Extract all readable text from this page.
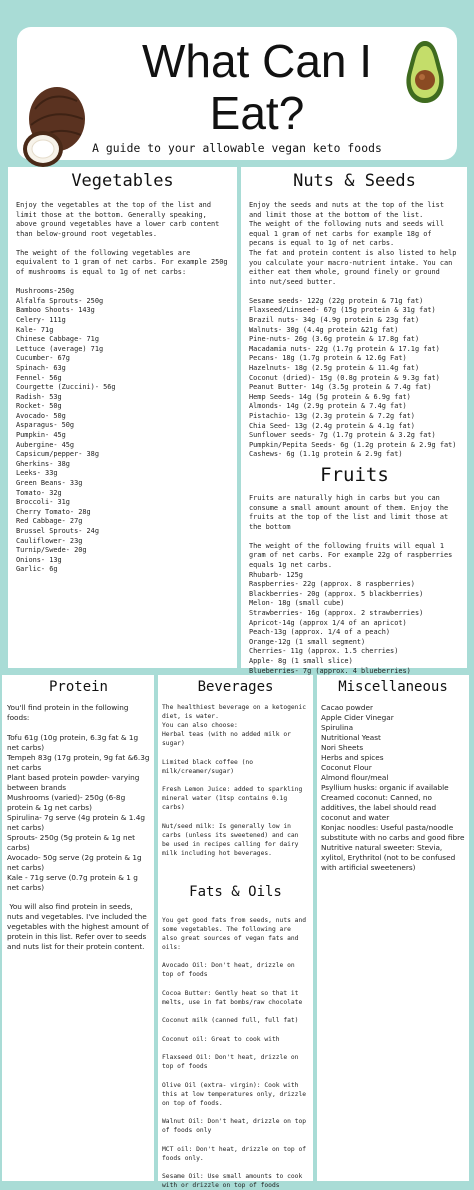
What Can I
Eat?
A guide to your allowable vegan keto foods
Vegetables
Enjoy the vegetables at the top of the list and limit those at the bottom. Generally speaking, above ground vegetables have a lower carb content than below-ground root vegetables.
The weight of the following vegetables are equivalent to 1 gram of net carbs. For example 250g of mushrooms is equal to 1g of net carbs:
Mushrooms-250g
Alfalfa Sprouts- 250g
Bamboo Shoots- 143g
Celery- 111g
Kale- 71g
Chinese Cabbage- 71g
Lettuce (average) 71g
Cucumber- 67g
Spinach- 63g
Fennel- 56g
Courgette (Zuccini)- 56g
Radish- 53g
Rocket- 50g
Avocado- 50g
Asparagus- 50g
Pumpkin- 45g
Aubergine- 45g
Capsicum/pepper- 38g
Gherkins- 38g
Leeks- 33g
Green Beans- 33g
Tomato- 32g
Broccoli- 31g
Cherry Tomato- 28g
Red Cabbage- 27g
Brussel Sprouts- 24g
Cauliflower- 23g
Turnip/Swede- 20g
Onions- 13g
Garlic- 6g
Nuts & Seeds
Enjoy the seeds and nuts at the top of the list and limit those at the bottom of the list.
The weight of the following nuts and seeds will equal 1 gram of net carbs for example 18g of pecans is equal to 1g of net carbs.
The fat and protein content is also listed to help you calculate your macro-nutrient intake. You can either eat them whole, ground finely or ground into nut/seed butter.
Sesame seeds- 122g (22g protein & 71g fat)
Flaxseed/Linseed- 67g (15g protein & 31g fat)
Brazil nuts- 34g (4.9g protein & 23g fat)
Walnuts- 30g (4.4g protein &21g fat)
Pine-nuts- 26g (3.6g protein & 17.8g fat)
Macadamia nuts- 22g (1.7g protein & 17.1g fat)
Pecans- 18g (1.7g protein & 12.6g Fat)
Hazelnuts- 18g (2.5g protein & 11.4g fat)
Coconut (dried)- 15g (0.8g protein & 9.3g fat)
Peanut Butter- 14g (3.5g protein & 7.4g fat)
Hemp Seeds- 14g (5g protein & 6.9g fat)
Almonds- 14g (2.9g protein & 7.4g fat)
Pistachio- 13g (2.3g protein & 7.2g fat)
Chia Seed- 13g (2.4g protein & 4.1g fat)
Sunflower seeds- 7g (1.7g protein & 3.2g fat)
Pumpkin/Pepita Seeds- 6g (1.2g protein & 2.9g fat)
Cashews- 6g (1.1g protein & 2.9g fat)
Fruits
Fruits are naturally high in carbs but you can consume a small amount amount of them. Enjoy the fruits at the top of the list and limit those at the bottom
The weight of the following fruits will equal 1 gram of net carbs. For example 22g of raspberries equals 1g net carbs.
Rhubarb- 125g
Raspberries- 22g (approx. 8 raspberries)
Blackberries- 20g (approx. 5 blackberries)
Melon- 18g (small cube)
Strawberries- 16g (approx. 2 strawberries)
Apricot-14g (approx 1/4 of an apricot)
Peach-13g (approx. 1/4 of a peach)
Orange-12g (1 small segment)
Cherries- 11g (approx. 1.5 cherries)
Apple- 8g (1 small slice)
Blueberries- 7g (approx. 4 blueberries)
Protein
You'll find protein in the following foods:
Tofu 61g (10g protein, 6.3g fat & 1g net carbs)
Tempeh 83g (17g protein, 9g fat &6.3g net carbs
Plant based protein powder- varying between brands
Mushrooms (varied)- 250g (6-8g protein & 1g net carbs)
Spirulina- 7g serve (4g protein & 1.4g net carbs)
Sprouts- 250g (5g protein & 1g net carbs)
Avocado- 50g serve (2g protein & 1g net carbs)
Kale - 71g serve (0.7g protein & 1 g net carbs)
You will also find protein in seeds, nuts and vegetables. I've included the vegetables with the highest amount of protein in this list. Refer over to seeds and nuts list for their protein content.
Beverages
The healthiest beverage on a ketogenic diet, is water.
You can also choose:
Herbal teas (with no added milk or sugar)
Limited black coffee (no milk/creamer/sugar)
Fresh Lemon Juice: added to sparkling mineral water (1tsp contains 0.1g carbs)
Nut/seed milk: Is generally low in carbs (unless its sweetened) and can be used in recipes calling for dairy milk including hot beverages.
Fats & Oils
You get good fats from seeds, nuts and some vegetables. The following are also great sources of vegan fats and oils:
Avocado Oil: Don't heat, drizzle on top of foods
Cocoa Butter: Gently heat so that it melts, use in fat bombs/raw chocolate
Coconut milk (canned full, full fat)
Coconut oil: Great to cook with
Flaxseed Oil: Don't heat, drizzle on top of foods
Olive Oil (extra- virgin): Cook with this at low temperatures only, drizzle on top of foods.
Walnut Oil: Don't heat, drizzle on top of foods only
MCT oil: Don't heat, drizzle on top of foods only.
Sesame Oil: Use small amounts to cook with or drizzle on top of foods
Miscellaneous
Cacao powder
Apple Cider Vinegar
Spirulina
Nutritional Yeast
Nori Sheets
Herbs and spices
Coconut Flour
Almond flour/meal
Psyllium husks: organic if available
Creamed coconut: Canned, no additives, the label should read coconut and water
Konjac noodles: Useful pasta/noodle substitute with no carbs and good fibre
Nutritive natural sweeter: Stevia, xylitol, Erythritol (not to be confused with artificial sweeteners)
